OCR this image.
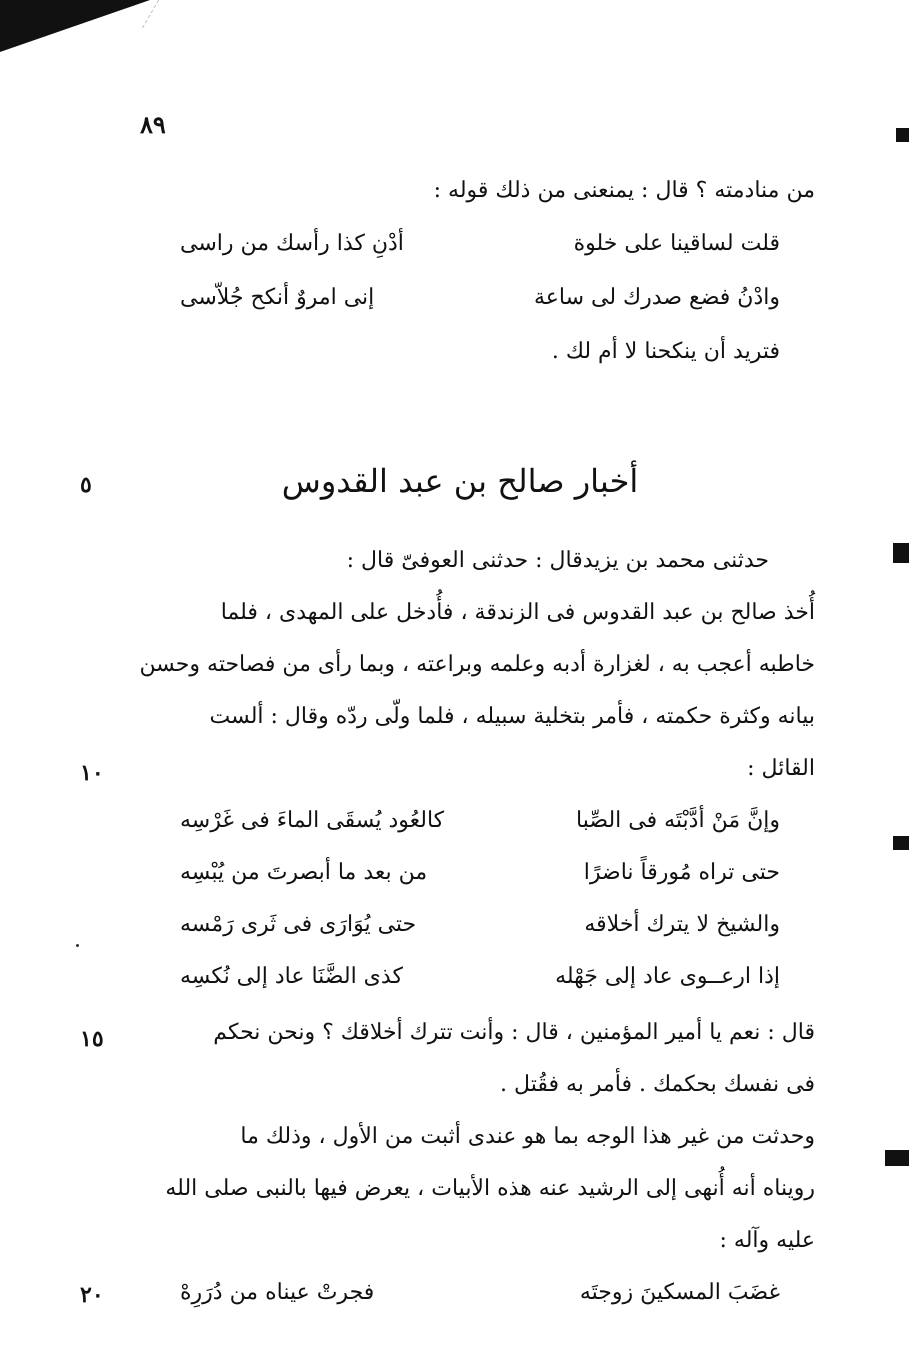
٨٩
من منادمته ؟ قال : يمنعنى من ذلك قوله :
قلت لساقينا على خلوة
أدْنِ كذا رأسك من راسى
وادْنُ فضع صدرك لى ساعة
إنى امروٌ أنكح جُلاّسى
فتريد أن ينكحنا لا أم لك .
أخبار صالح بن عبد القدوس
٥
حدثنى محمد بن يزيدقال : حدثنى العوفىّ قال :
أُخذ صالح بن عبد القدوس فى الزندقة ، فأُدخل على المهدى ، فلما
خاطبه أعجب به ، لغزارة أدبه وعلمه وبراعته ، وبما رأى من فصاحته وحسن
بيانه وكثرة حكمته ، فأمر بتخلية سبيله ، فلما ولّى ردّه وقال : ألست
القائل :
١٠
وإنَّ مَنْ أدَّبْتَه فى الصِّبا
كالعُود يُسقَى الماءَ فى غَرْسِه
حتى تراه مُورقاً ناضرًا
من بعد ما أبصرتَ من يُبْسِه
والشيخ لا يترك أخلاقه
حتى يُوَارَى فى ثَرى رَمْسه
إذا ارعــوى عاد إلى جَهْله
كذى الضَّنَا عاد إلى نُكسِه
قال : نعم يا أمير المؤمنين ، قال : وأنت تترك أخلاقك ؟ ونحن نحكم
١٥
فى نفسك بحكمك . فأمر به فقُتل .
وحدثت من غير هذا الوجه بما هو عندى أثبت من الأول ، وذلك ما
رويناه أنه أُنهى إلى الرشيد عنه هذه الأبيات ، يعرض فيها بالنبى صلى الله
عليه وآله :
غضَبَ المسكينَ زوجتَه
فجرتْ عيناه من دُرَرِهْ
٢٠
